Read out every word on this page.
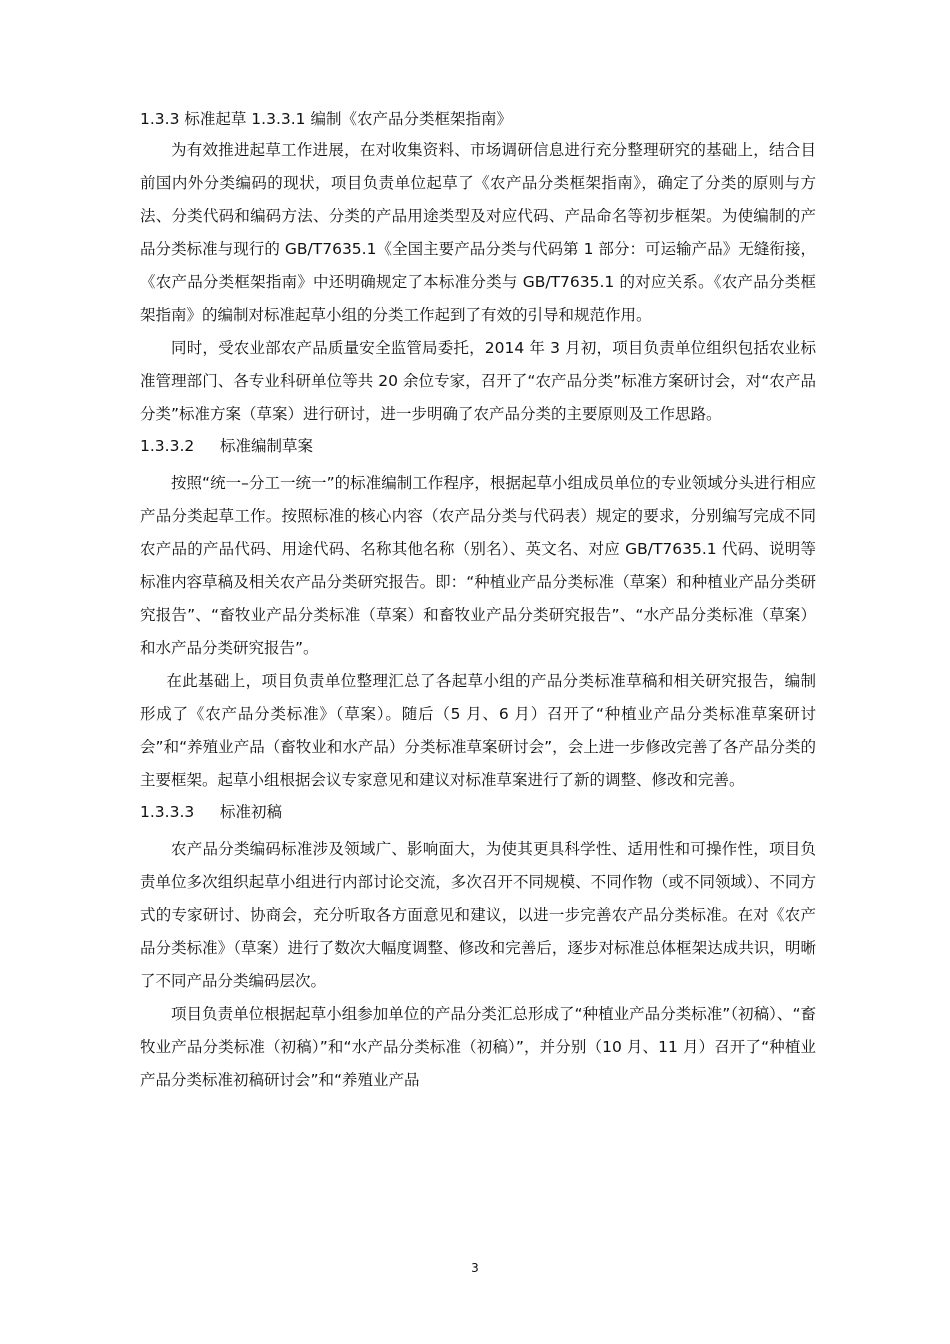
1.3.3 标准起草 1.3.3.1 编制《农产品分类框架指南》

为有效推进起草工作进展，在对收集资料、市场调研信息进行充分整理研究的基础上，结合目前国内外分类编码的现状，项目负责单位起草了《农产品分类框架指南》，确定了分类的原则与方法、分类代码和编码方法、分类的产品用途类型及对应代码、产品命名等初步框架。为使编制的产品分类标准与现行的 GB/T7635.1《全国主要产品分类与代码第 1 部分：可运输产品》无缝衔接，《农产品分类框架指南》中还明确规定了本标准分类与 GB/T7635.1 的对应关系。《农产品分类框架指南》的编制对标准起草小组的分类工作起到了有效的引导和规范作用。

同时，受农业部农产品质量安全监管局委托，2014 年 3 月初，项目负责单位组织包括农业标准管理部门、各专业科研单位等共 20 余位专家，召开了“农产品分类”标准方案研讨会，对“农产品分类”标准方案（草案）进行研讨，进一步明确了农产品分类的主要原则及工作思路。

1.3.3.2 标准编制草案

按照“统一–分工一统一”的标准编制工作程序，根据起草小组成员单位的专业领域分头进行相应产品分类起草工作。按照标准的核心内容（农产品分类与代码表）规定的要求，分别编写完成不同农产品的产品代码、用途代码、名称其他名称（别名）、英文名、对应 GB/T7635.1 代码、说明等标准内容草稿及相关农产品分类研究报告。即：“种植业产品分类标准（草案）和种植业产品分类研究报告”、“畜牧业产品分类标准（草案）和畜牧业产品分类研究报告”、“水产品分类标准（草案）和水产品分类研究报告”。

在此基础上，项目负责单位整理汇总了各起草小组的产品分类标准草稿和相关研究报告，编制形成了《农产品分类标准》（草案）。随后（5 月、6 月）召开了“种植业产品分类标准草案研讨会”和“养殖业产品（畜牧业和水产品）分类标准草案研讨会”，会上进一步修改完善了各产品分类的主要框架。起草小组根据会议专家意见和建议对标准草案进行了新的调整、修改和完善。

1.3.3.3 标准初稿

农产品分类编码标准涉及领域广、影响面大，为使其更具科学性、适用性和可操作性，项目负责单位多次组织起草小组进行内部讨论交流，多次召开不同规模、不同作物（或不同领域）、不同方式的专家研讨、协商会，充分听取各方面意见和建议，以进一步完善农产品分类标准。在对《农产品分类标准》（草案）进行了数次大幅度调整、修改和完善后，逐步对标准总体框架达成共识，明晰了不同产品分类编码层次。

项目负责单位根据起草小组参加单位的产品分类汇总形成了“种植业产品分类标准”（初稿）、“畜牧业产品分类标准（初稿）”和“水产品分类标准（初稿）”，并分别（10 月、11 月）召开了“种植业产品分类标准初稿研讨会”和“养殖业产品

3
